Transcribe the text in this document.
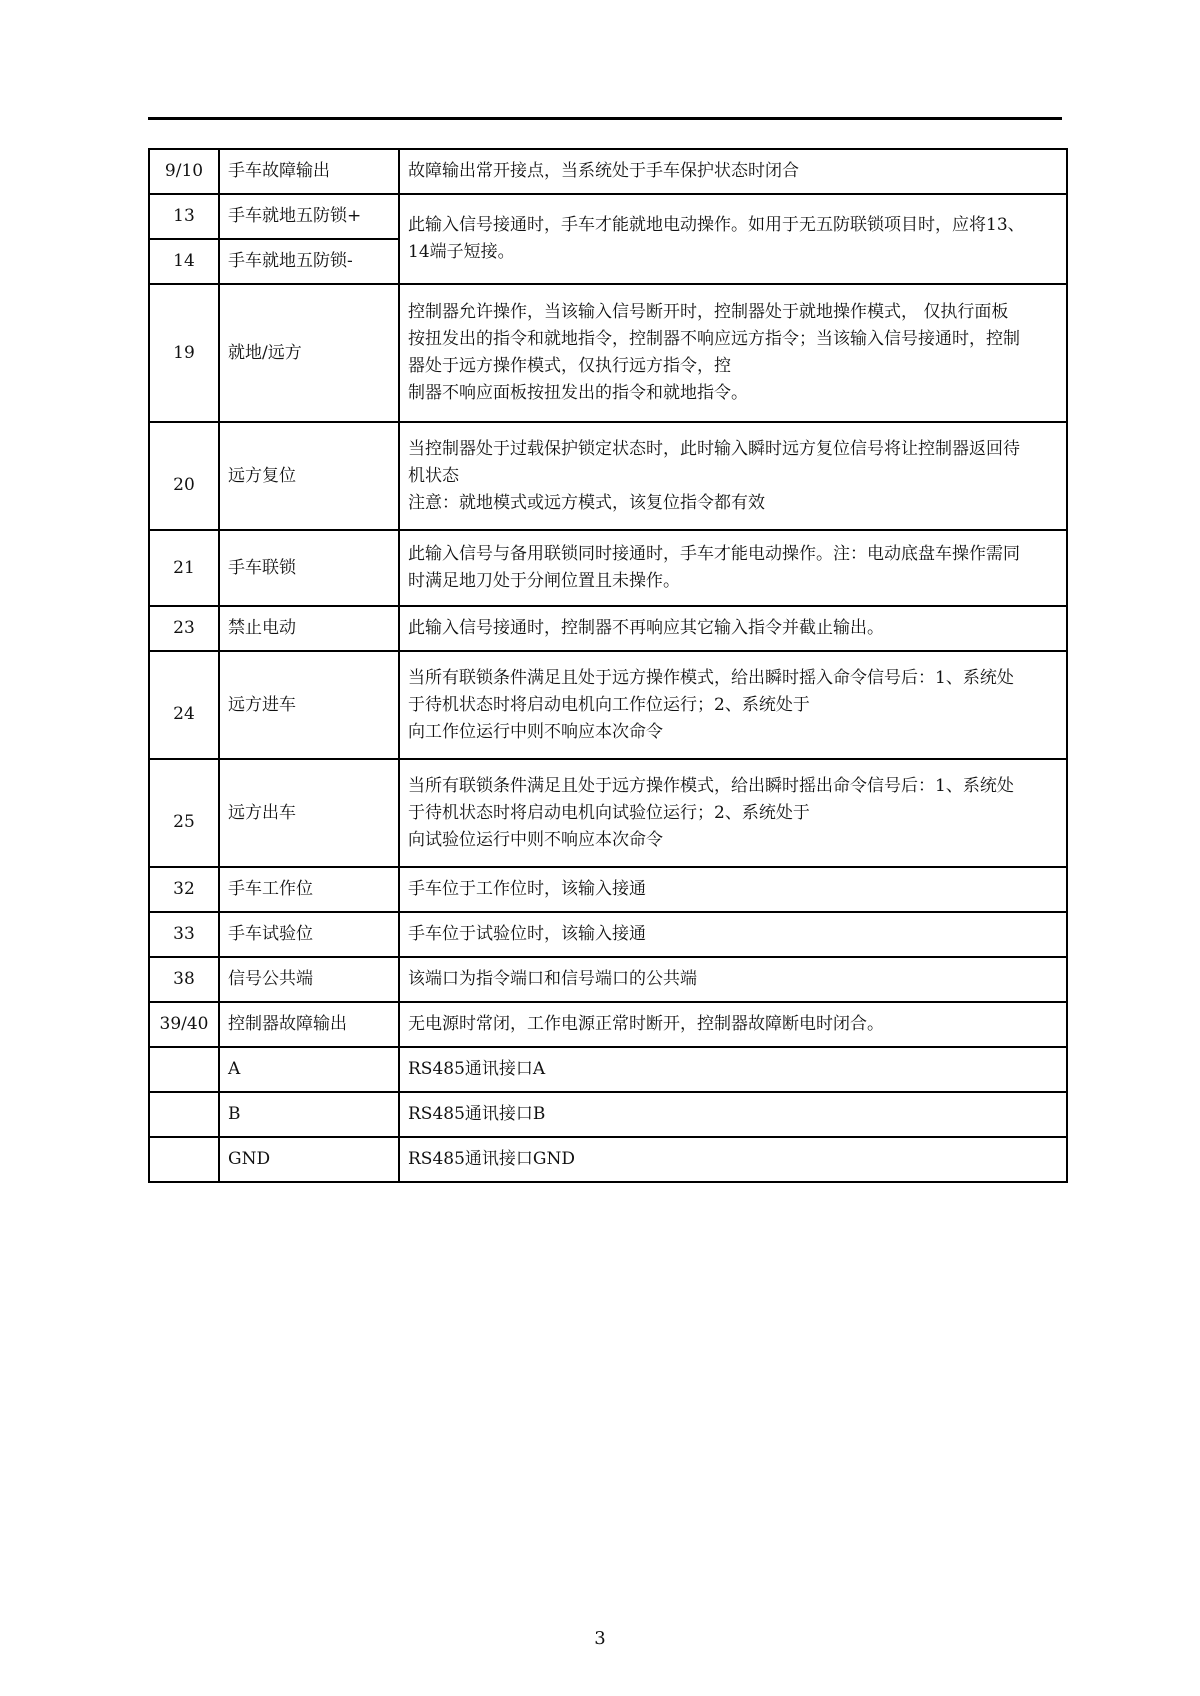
9/10	手车故障输出	故障输出常开接点，当系统处于手车保护状态时闭合

13	手车就地五防锁+	此输入信号接通时，手车才能就地电动操作。如用于无五防联锁项目时，应将13、
14端子短接。

14	手车就地五防锁-	
19	就地/远方	控制器允许操作，当该输入信号断开时，控制器处于就地操作模式， 仅执行面板
按扭发出的指令和就地指令，控制器不响应远方指令；当该输入信号接通时，控制
器处于远方操作模式，仅执行远方指令，控
制器不响应面板按扭发出的指令和就地指令。

20	远方复位	当控制器处于过载保护锁定状态时，此时输入瞬时远方复位信号将让控制器返回待
机状态
注意：就地模式或远方模式，该复位指令都有效

21	手车联锁	此输入信号与备用联锁同时接通时，手车才能电动操作。注：电动底盘车操作需同
时满足地刀处于分闸位置且未操作。

23	禁止电动	此输入信号接通时，控制器不再响应其它输入指令并截止输出。

24	远方进车	当所有联锁条件满足且处于远方操作模式，给出瞬时摇入命令信号后：1、系统处
于待机状态时将启动电机向工作位运行；2、系统处于
向工作位运行中则不响应本次命令

25	远方出车	当所有联锁条件满足且处于远方操作模式，给出瞬时摇出命令信号后：1、系统处
于待机状态时将启动电机向试验位运行；2、系统处于
向试验位运行中则不响应本次命令

32	手车工作位	手车位于工作位时，该输入接通

33	手车试验位	手车位于试验位时，该输入接通

38	信号公共端	该端口为指令端口和信号端口的公共端

39/40	控制器故障输出	无电源时常闭，工作电源正常时断开，控制器故障断电时闭合。

	A	RS485通讯接口A

	B	RS485通讯接口B

	GND	RS485通讯接口GND
3
